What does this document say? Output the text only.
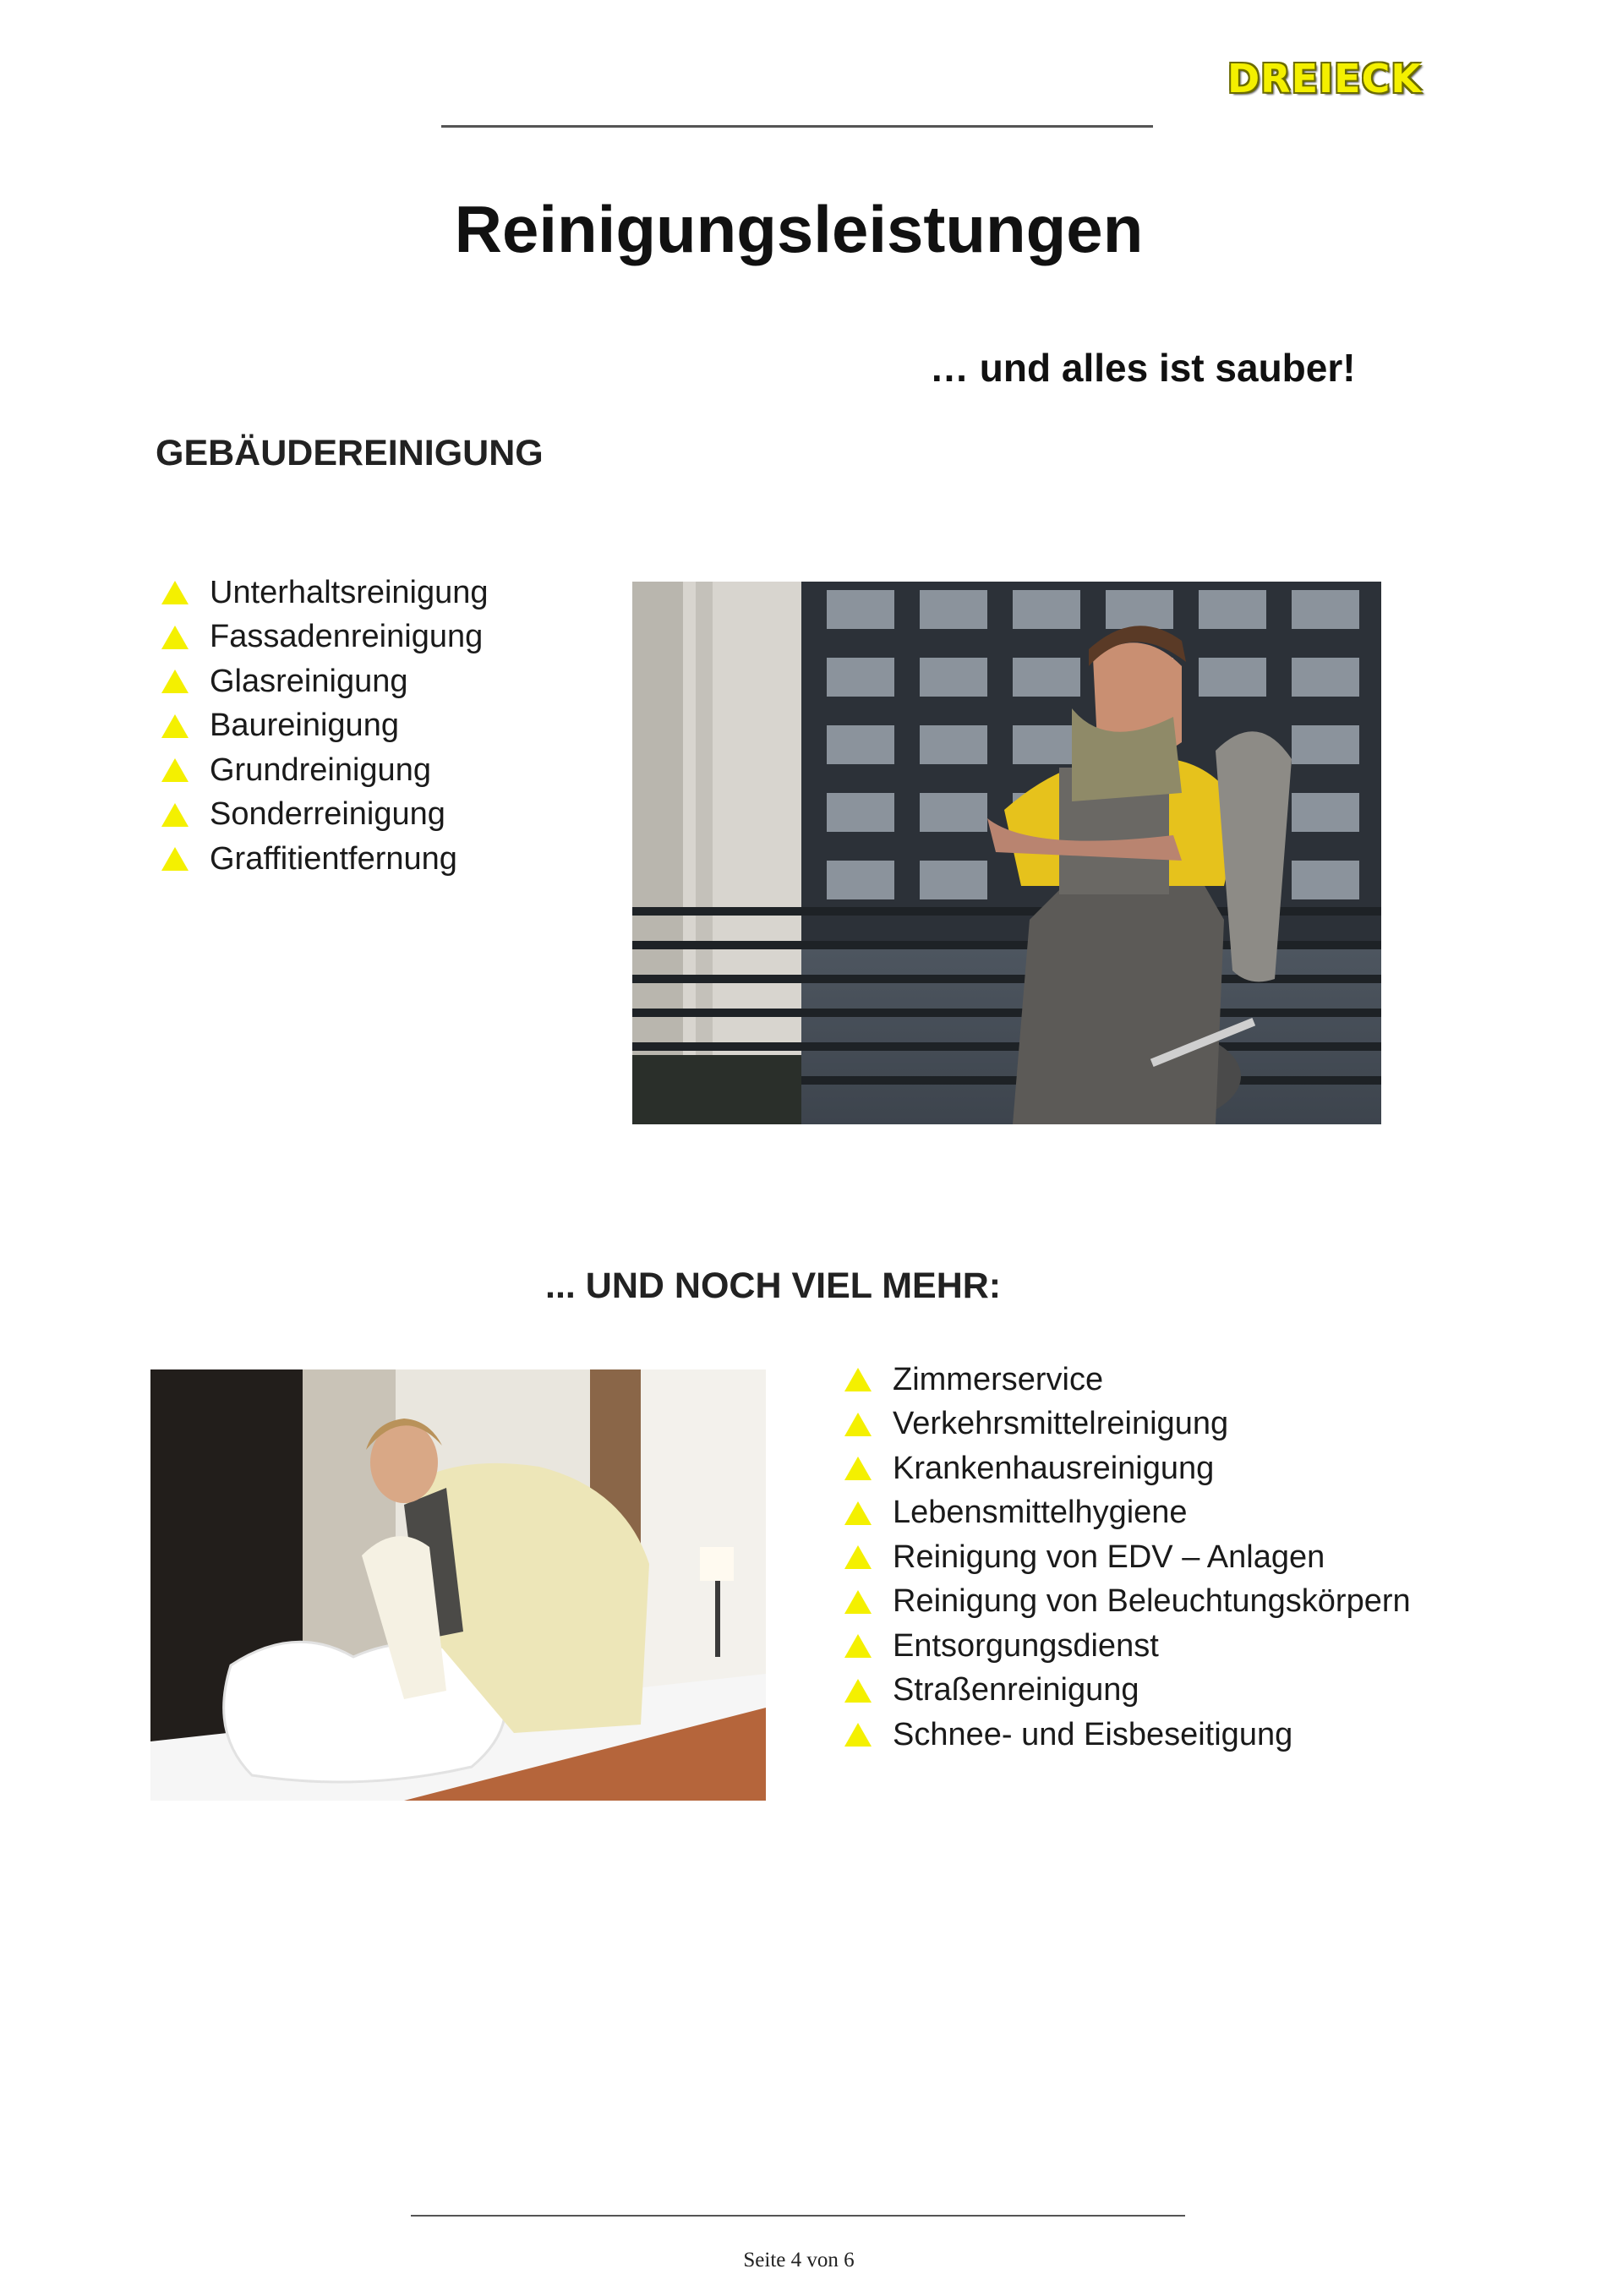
DREIECK
Reinigungsleistungen
… und alles ist sauber!
GEBÄUDEREINIGUNG
Unterhaltsreinigung
Fassadenreinigung
Glasreinigung
Baureinigung
Grundreinigung
Sonderreinigung
Graffitientfernung
... UND NOCH VIEL MEHR:
Zimmerservice
Verkehrsmittelreinigung
Krankenhausreinigung
Lebensmittelhygiene
Reinigung von EDV – Anlagen
Reinigung von Beleuchtungskörpern
Entsorgungsdienst
Straßenreinigung
Schnee- und Eisbeseitigung
Seite 4 von 6
